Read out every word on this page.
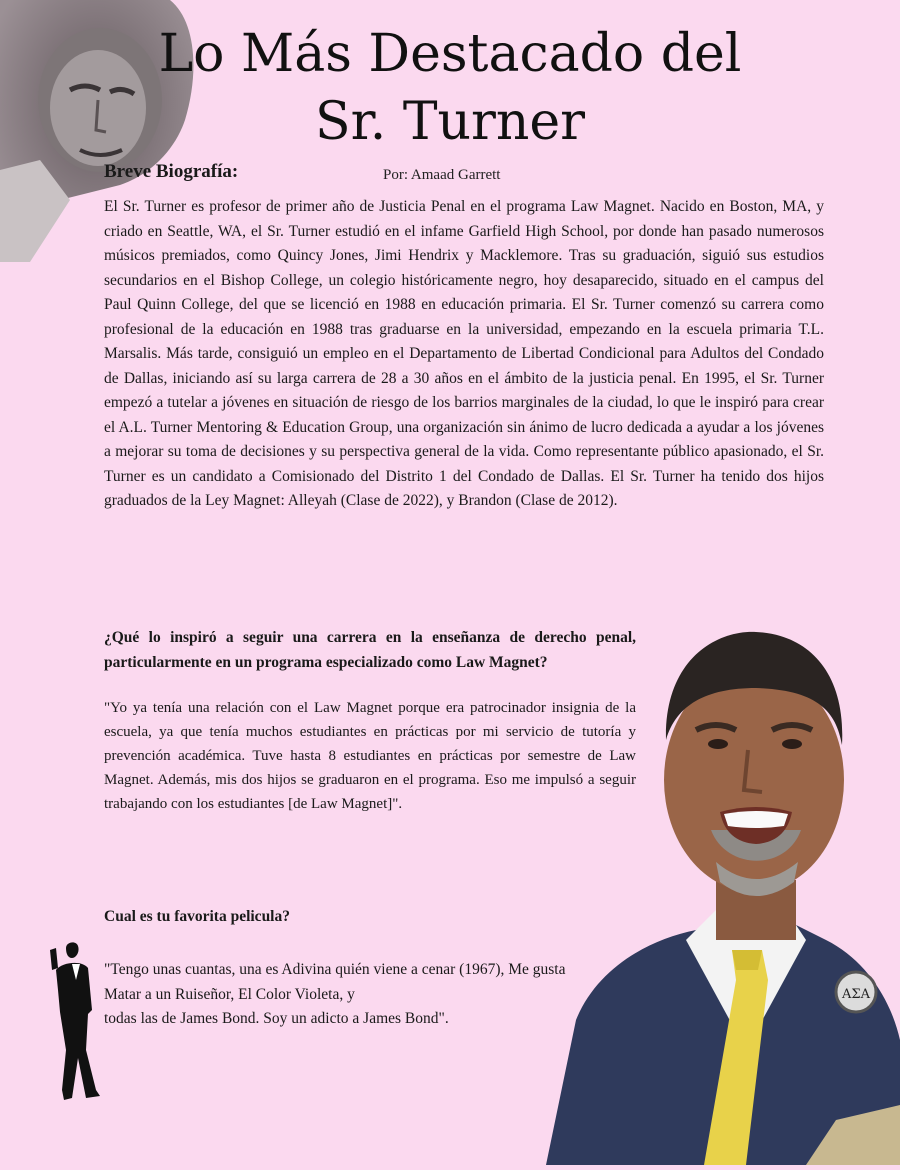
Lo Más Destacado del Sr. Turner
Por: Amaad Garrett
Breve Biografía:

El Sr. Turner es profesor de primer año de Justicia Penal en el programa Law Magnet. Nacido en Boston, MA, y criado en Seattle, WA, el Sr. Turner estudió en el infame Garfield High School, por donde han pasado numerosos músicos premiados, como Quincy Jones, Jimi Hendrix y Macklemore. Tras su graduación, siguió sus estudios secundarios en el Bishop College, un colegio históricamente negro, hoy desaparecido, situado en el campus del Paul Quinn College, del que se licenció en 1988 en educación primaria. El Sr. Turner comenzó su carrera como profesional de la educación en 1988 tras graduarse en la universidad, empezando en la escuela primaria T.L. Marsalis. Más tarde, consiguió un empleo en el Departamento de Libertad Condicional para Adultos del Condado de Dallas, iniciando así su larga carrera de 28 a 30 años en el ámbito de la justicia penal. En 1995, el Sr. Turner empezó a tutelar a jóvenes en situación de riesgo de los barrios marginales de la ciudad, lo que le inspiró para crear el A.L. Turner Mentoring & Education Group, una organización sin ánimo de lucro dedicada a ayudar a los jóvenes a mejorar su toma de decisiones y su perspectiva general de la vida. Como representante público apasionado, el Sr. Turner es un candidato a Comisionado del Distrito 1 del Condado de Dallas. El Sr. Turner ha tenido dos hijos graduados de la Ley Magnet: Alleyah (Clase de 2022), y Brandon (Clase de 2012).

¿Qué lo inspiró a seguir una carrera en la enseñanza de derecho penal, particularmente en un programa especializado como Law Magnet?

"Yo ya tenía una relación con el Law Magnet porque era patrocinador insignia de la escuela, ya que tenía muchos estudiantes en prácticas por mi servicio de tutoría y prevención académica. Tuve hasta 8 estudiantes en prácticas por semestre de Law Magnet. Además, mis dos hijos se graduaron en el programa. Eso me impulsó a seguir trabajando con los estudiantes [de Law Magnet]".

Cual es tu favorita pelicula?

"Tengo unas cuantas, una es Adivina quién viene a cenar (1967), Me gusta
Matar a un Ruiseñor, El Color Violeta, y
todas las de James Bond. Soy un adicto a James Bond".

ΑΣΑ
